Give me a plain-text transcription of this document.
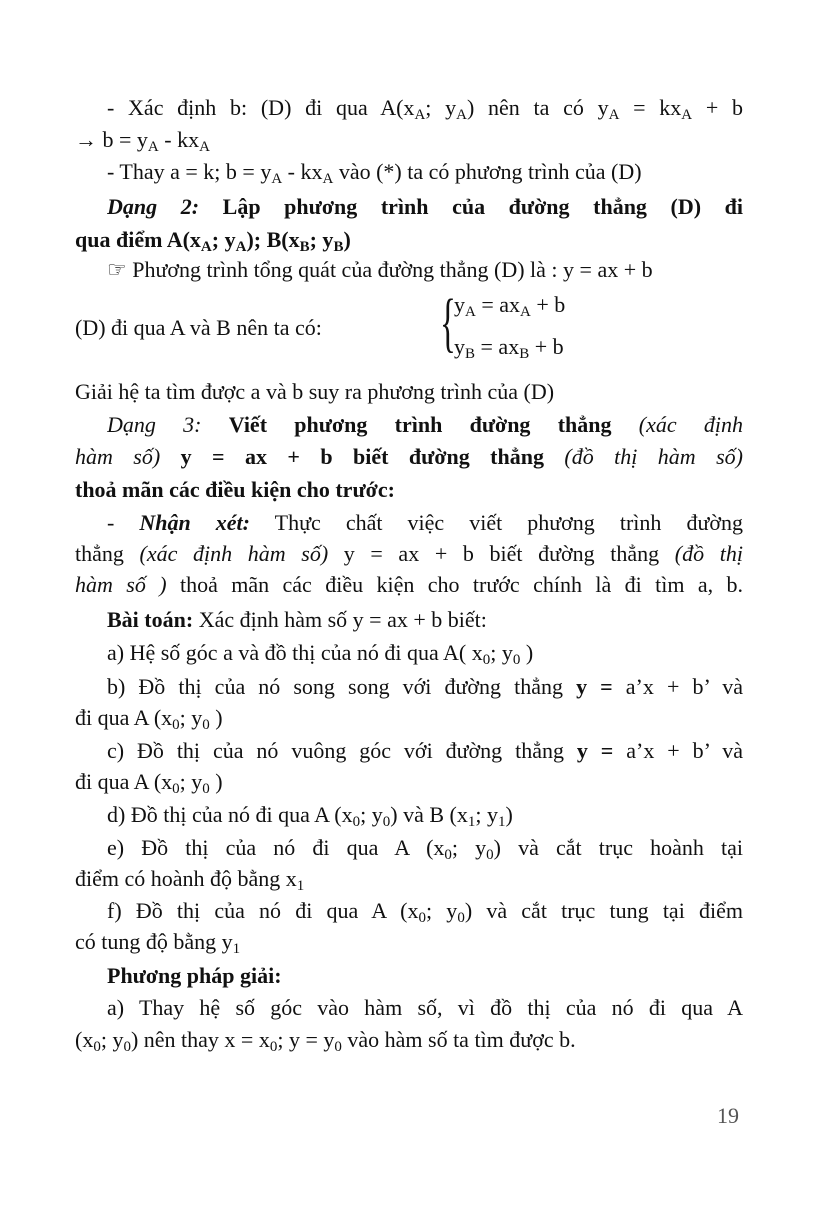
- Xác định b: (D) đi qua A(xA; yA) nên ta có yA = kxA + b
→ b = yA - kxA
- Thay a = k; b = yA - kxA vào (*) ta có phương trình của (D)
Dạng 2: Lập phương trình của đường thẳng (D) đi
qua điểm A(xA; yA); B(xB; yB)
☞ Phương trình tổng quát của đường thẳng (D) là : y = ax + b
(D) đi qua A và B nên ta có:
Giải hệ ta tìm được a và b suy ra phương trình của (D)
Dạng 3: Viết phương trình đường thẳng (xác định
hàm số) y = ax + b biết đường thẳng (đồ thị hàm số)
thoả mãn các điều kiện cho trước:
- Nhận xét: Thực chất việc viết phương trình đường
thẳng (xác định hàm số) y = ax + b biết đường thẳng (đồ thị
hàm số ) thoả mãn các điều kiện cho trước chính là đi tìm a, b.
Bài toán: Xác định hàm số y = ax + b biết:
a) Hệ số góc a và đồ thị của nó đi qua A( x0; y0 )
b) Đồ thị của nó song song với đường thẳng y = a’x + b’ và
đi qua A (x0; y0 )
c) Đồ thị của nó vuông góc với đường thẳng y = a’x + b’ và
đi qua A (x0; y0 )
d) Đồ thị của nó đi qua A (x0; y0) và B (x1; y1)
e) Đồ thị của nó đi qua A (x0; y0) và cắt trục hoành tại
điểm có hoành độ bằng x1
f) Đồ thị của nó đi qua A (x0; y0) và cắt trục tung tại điểm
có tung độ bằng y1
Phương pháp giải:
a) Thay hệ số góc vào hàm số, vì đồ thị của nó đi qua A
(x0; y0) nên thay x = x0; y = y0 vào hàm số ta tìm được b.
{
yA = axA + b
yB = axB + b
19
